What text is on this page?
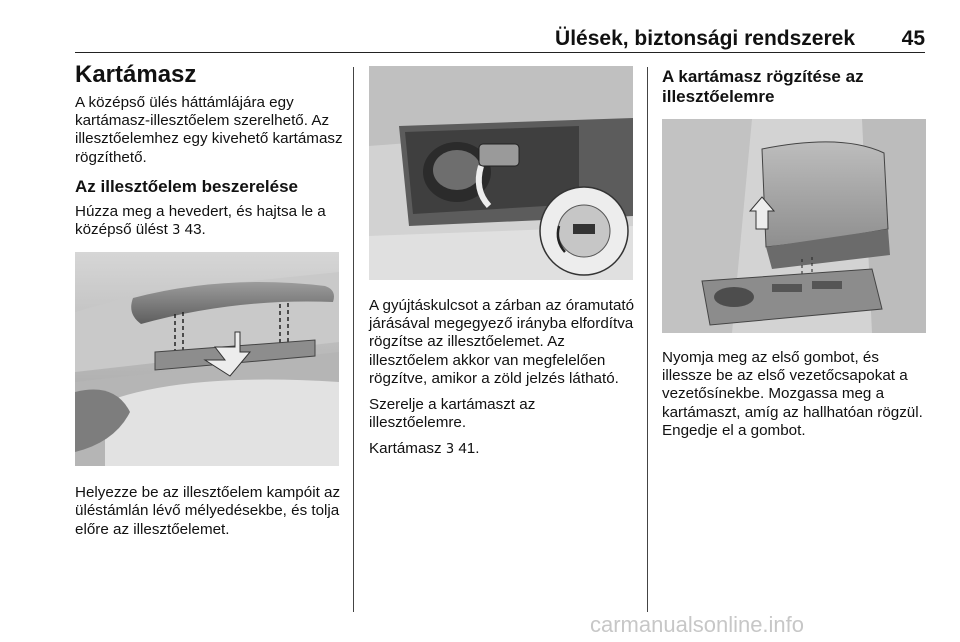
Ülések, biztonsági rendszerek 45
Kartámasz

A középső ülés háttámlájára egy kartámasz-illesztőelem szerelhető. Az illesztőelemhez egy kivehető kartámasz rögzíthető.

Az illesztőelem beszerelése

Húzza meg a hevedert, és hajtsa le a középső ülést 3 43.

Helyezze be az illesztőelem kampóit az üléstámlán lévő mélyedésekbe, és tolja előre az illesztőelemet.

A gyújtáskulcsot a zárban az óramutató járásával megegyező irányba elfordítva rögzítse az illesztőelemet. Az illesztőelem akkor van megfelelően rögzítve, amikor a zöld jelzés látható.

Szerelje a kartámaszt az illesztőelemre.

Kartámasz 3 41.

A kartámasz rögzítése az illesztőelemre

Nyomja meg az első gombot, és illessze be az első vezetőcsapokat a vezetősínekbe. Mozgassa meg a kartámaszt, amíg az hallhatóan rögzül. Engedje el a gombot.

carmanualsonline.info
